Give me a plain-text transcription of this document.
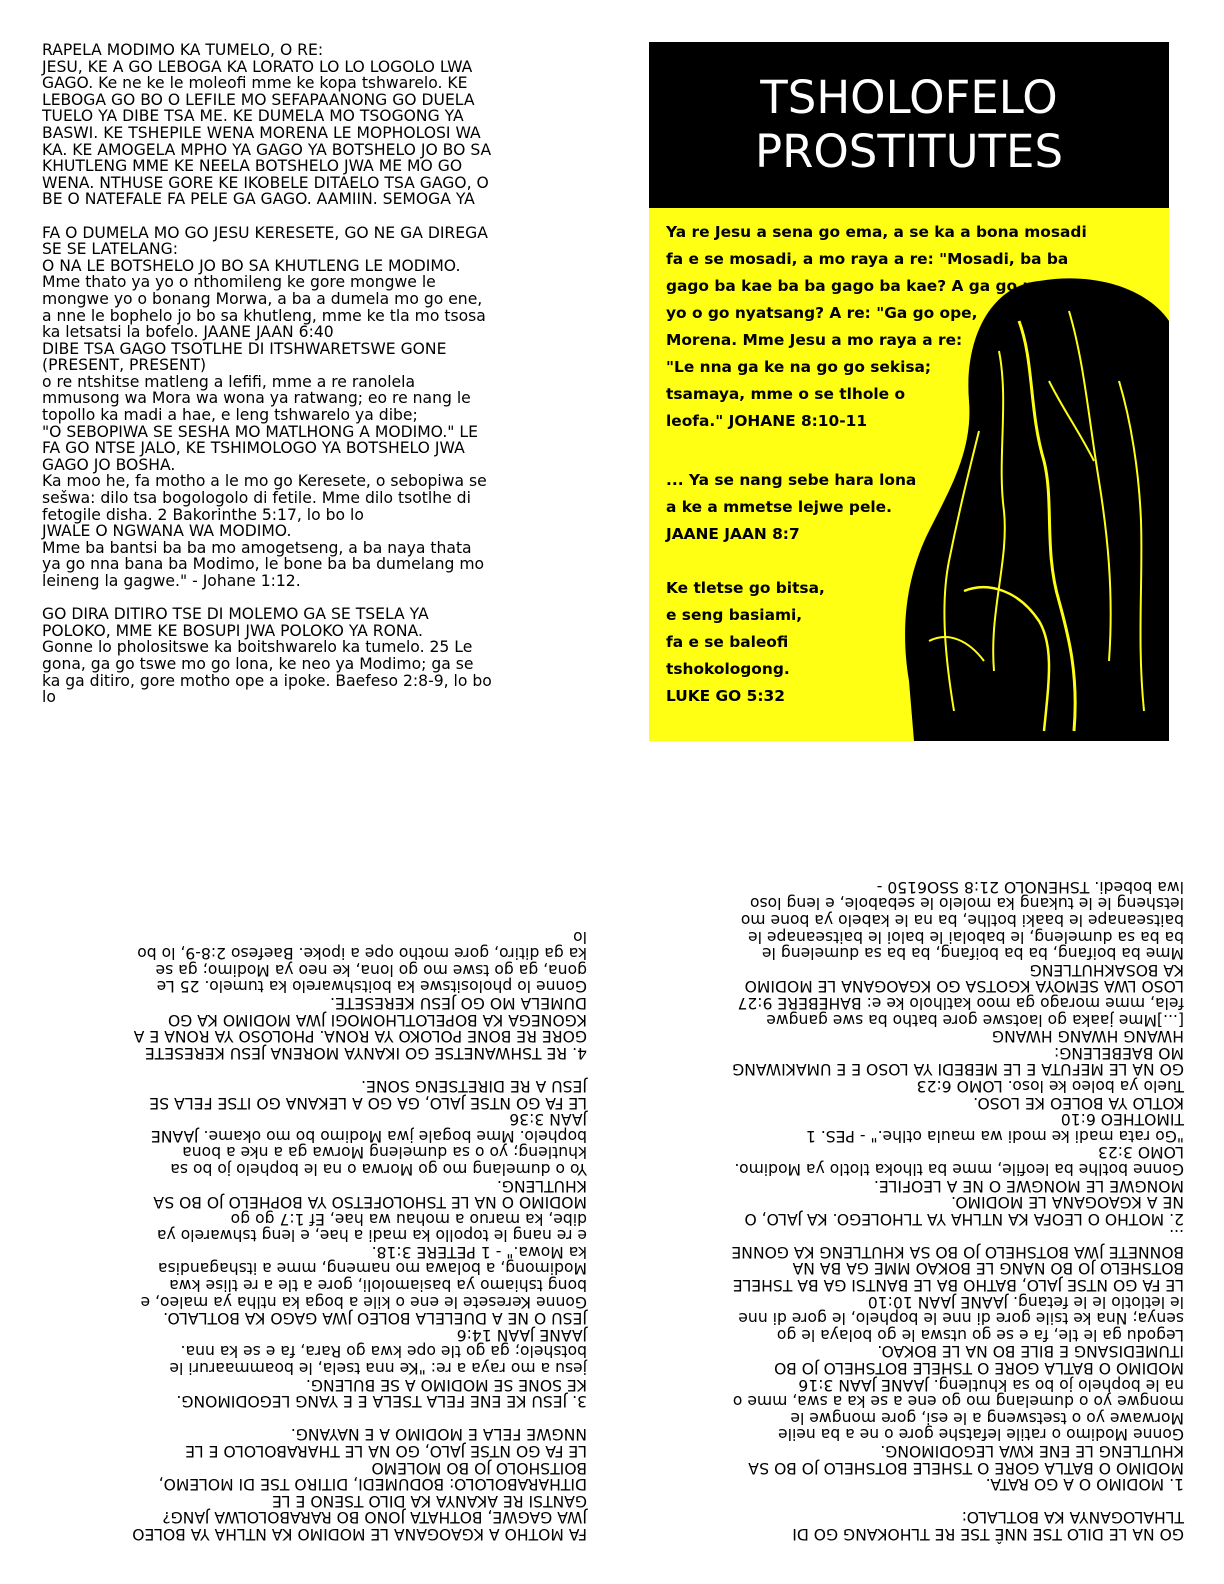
RAPELA MODIMO KA TUMELO, O RE:
JESU, KE A GO LEBOGA KA LORATO LO LO LOGOLO LWA
GAGO. Ke ne ke le moleofi mme ke kopa tshwarelo. KE
LEBOGA GO BO O LEFILE MO SEFAPAANONG GO DUELA
TUELO YA DIBE TSA ME. KE DUMELA MO TSOGONG YA
BASWI. KE TSHEPILE WENA MORENA LE MOPHOLOSI WA
KA. KE AMOGELA MPHO YA GAGO YA BOTSHELO JO BO SA
KHUTLENG MME KE NEELA BOTSHELO JWA ME MO GO
WENA. NTHUSE GORE KE IKOBELE DITAELO TSA GAGO, O
BE O NATEFALE FA PELE GA GAGO. AAMIIN. SEMOGA YA

FA O DUMELA MO GO JESU KERESETE, GO NE GA DIREGA
SE SE LATELANG:
O NA LE BOTSHELO JO BO SA KHUTLENG LE MODIMO.
Mme thato ya yo o nthomileng ke gore mongwe le
mongwe yo o bonang Morwa, a ba a dumela mo go ene,
a nne le bophelo jo bo sa khutleng, mme ke tla mo tsosa
ka letsatsi la bofelo. JAANE JAAN 6:40
DIBE TSA GAGO TSOTLHE DI ITSHWARETSWE GONE
(PRESENT, PRESENT)
o re ntshitse matleng a lefifi, mme a re ranolela
mmusong wa Mora wa wona ya ratwang; eo re nang le
topollo ka madi a hae, e leng tshwarelo ya dibe;
"O SEBOPIWA SE SESHA MO MATLHONG A MODIMO." LE
FA GO NTSE JALO, KE TSHIMOLOGO YA BOTSHELO JWA
GAGO JO BOSHA.
Ka moo he, fa motho a le mo go Keresete, o sebopiwa se
sešwa: dilo tsa bogologolo di fetile. Mme dilo tsotlhe di
fetogile disha. 2 Bakorinthe 5:17, lo bo lo
JWALE O NGWANA WA MODIMO.
Mme ba bantsi ba ba mo amogetseng, a ba naya thata
ya go nna bana ba Modimo, le bone ba ba dumelang mo
leineng la gagwe." - Johane 1:12.

GO DIRA DITIRO TSE DI MOLEMO GA SE TSELA YA
POLOKO, MME KE BOSUPI JWA POLOKO YA RONA.
Gonne lo pholositswe ka boitshwarelo ka tumelo. 25 Le
gona, ga go tswe mo go lona, ke neo ya Modimo; ga se
ka ga ditiro, gore motho ope a ipoke. Baefeso 2:8-9, lo bo
lo
TSHOLOFELO
PROSTITUTES
Ya re Jesu a sena go ema, a se ka a bona mosadi
fa e se mosadi, a mo raya a re: "Mosadi, ba ba
gago ba kae ba ba gago ba kae? A ga go na ope
yo o go nyatsang? A re: "Ga go ope,
Morena. Mme Jesu a mo raya a re:
"Le nna ga ke na go go sekisa;
tsamaya, mme o se tlhole o
leofa." JOHANE 8:10-11
... Ya se nang sebe hara lona
a ke a mmetse lejwe pele.
JAANE JAAN 8:7
Ke tletse go bitsa,
e seng basiami,
fa e se baleofi
tshokologong.
LUKE GO 5:32
FA MOTHO A KGAOGANA LE MODIMO KA NTLHA YA BOLEO
JWA GAGWE, BOTHATA JONO BO RARABOLOLWA JANG?
GANTSI RE AKANYA KA DILO TSENO E LE
DITHARABOLOLO: BODUMEDI, DITIRO TSE DI MOLEMO,
BOITSHOLO JO BO MOLEMO
LE FA GO NTSE JALO, GO NA LE THARABOLOLO E LE
NNGWE FELA E MODIMO A E NAYANG.

3. JESU KE ENE FELA TSELA E E YANG LEGODIMONG.
KE SONE SE MODIMO A SE BULENG.
jesu a mo raya a re: "Ke nna tsela, le boammaaruri le
botshelo; ga go tle ope kwa go Rara, fa e se ka nna.
JAANE JAAN 14:6
JESU O NE A DUELELA BOLEO JWA GAGO KA BOTLALO.
Gonne Keresete le ene o kile a boga ka ntlha ya maleo, e
bong tshiamo ya basiamololi, gore a tle a re tlise kwa
Modimong, a bolawa mo nameng, mme a itshagandisa
ka Mowa." - 1 PETERE 3:18.
e re nang le topollo ka madi a hae, e leng tshwarelo ya
dibe, ka maruo a mohau wa hae, Ef 1:7 go go
MODIMO O NA LE TSHOLOFETSO YA BOPHELO JO BO SA
KHUTLENG.
Yo o dumelang mo go Morwa o na le bophelo jo bo sa
khutleng; yo o sa dumeleng Morwa ga a nke a bona
bophelo. Mme bogale jwa Modimo bo mo okame. JAANE
JAAN 3:36
LE FA GO NTSE JALO, GA GO A LEKANA GO ITSE FELA SE
JESU A RE DIRETSENG SONE.

4. RE TSHWANETSE GO IKANYA MORENA JESU KERESETE
GORE RE BONE POLOKO YA RONA. PHOLOSO YA RONA E A
KGONEGA KA BOPELOTLHOMOGI JWA MODIMO KA GO
DUMELA MO GO JESU KERESETE.
Gonne lo pholositswe ka boitshwarelo ka tumelo. 25 Le
gona, ga go tswe mo go lona, ke neo ya Modimo; ga se
ka ga ditiro, gore motho ope a ipoke. Baefeso 2:8-9, lo bo
lo
GO NA LE DILO TSE NNÊ TSE RE TLHOKANG GO DI
TLHALOGANYA KA BOTLALO:

1. MODIMO O A GO RATA.
MODIMO O BATLA GORE O TSHELE BOTSHELO JO BO SA
KHUTLENG LE ENE KWA LEGODIMONG.
Gonne Modimo o ratile lefatshe gore o ne a ba neile
Morwawe yo o tsetsweng a le esi, gore mongwe le
mongwe yo o dumelang mo go ene a se ka a swa, mme o
na le bophelo jo bo sa khutleng. JAANE JAAN 3:16
MODIMO O BATLA GORE O TSHELE BOTSHELO JO BO
ITUMEDISANG E BILE BO NA LE BOKAO.
Legodu ga le tle, fa e se go utswa le go bolaya le go
senya; Nna ke tsile gore di nne le bophelo, le gore di nne
le letlotlo le le fetang. JAANE JAAN 10:10
LE FA GO NTSE JALO, BATHO BA LE BANTSI GA BA TSHELE
BOTSHELO JO BO NANG LE BOKAO MME GA BA NA
BONNETE JWA BOTSHELO JO BO SA KHUTLENG KA GONNE
...
2. MOTHO O LEOFA KA NTLHA YA TLHOLEGO. KA JALO, O
NE A KGAOGANA LE MODIMO.
MONGWE LE MONGWE O NE A LEOFILE.
Gonne botlhe ba leofile, mme ba tlhoka tlotlo ya Modimo.
LOMO 3:23
"Go rata madi ke modi wa maula otlhe." - PES. 1
TIMOTHEO 6:10
KOTLO YA BOLEO KE LOSO.
Tuelo ya boleo ke loso. LOMO 6:23
GO NA LE MEFUTA E LE MEBEDI YA LOSO E E UMAKIWANG
MO BAEBELENG:
HWANG HWANG HWANG
[...]Mme jaaka go laotswe gore batho ba swe gangwe
fela, mme morago ga moo katlholo ke e: BAHEBERE 9:27
LOSO LWA SEMOYA KGOTSA GO KGAOGANA LE MODIMO
KA BOSAKHUTLENG
Mme ba boifang, ba ba boifang, ba ba sa dumeleng le
ba ba sa dumeleng, le babolai le baloi le baitseanape le
baitseanape le baaki botlhe, ba na le kabelo ya bone mo
letsheng le le tukang ka molelo le sebabole, e leng loso
lwa bobedi. TSHENOLO 21:8 SSO6150 -
